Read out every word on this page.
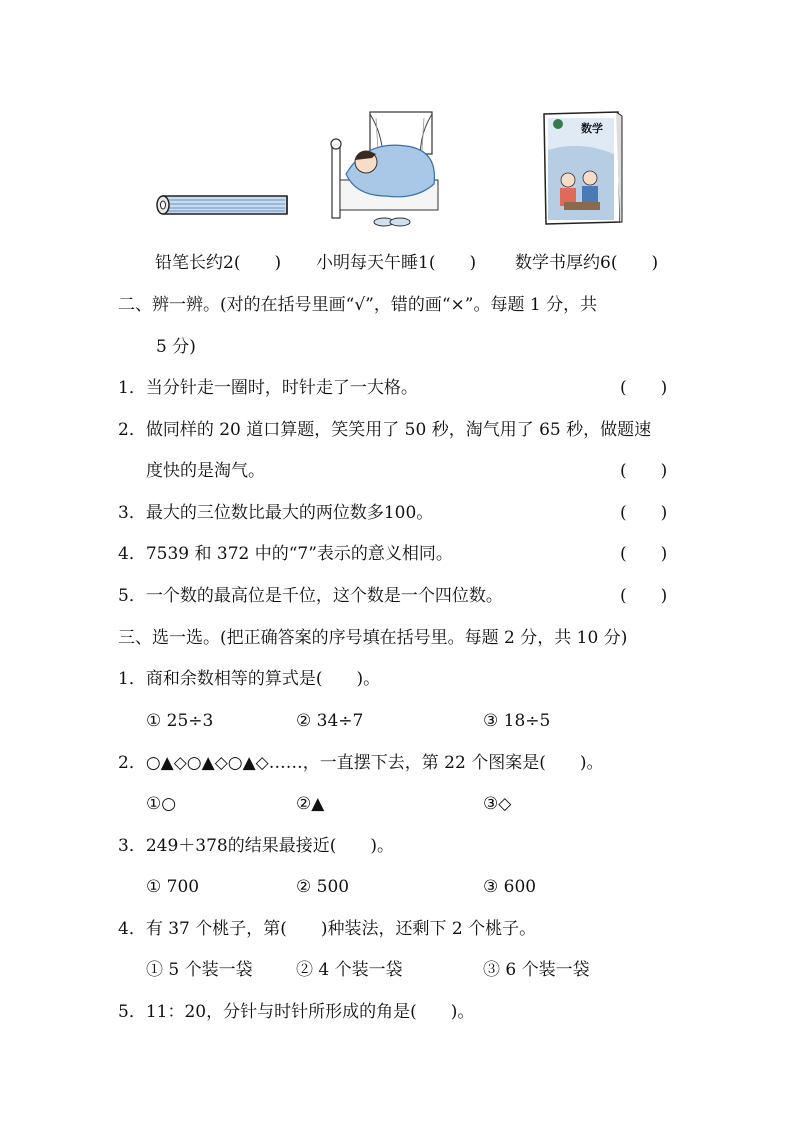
数学
铅笔长约2(　　) 小明每天午睡1(　　) 数学书厚约6(　　)
二、辨一辨。(对的在括号里画“√”，错的画“×”。每题 1 分，共
5 分)
1．当分针走一圈时，时针走了一大格。	(　　)
2．做同样的 20 道口算题，笑笑用了 50 秒，淘气用了 65 秒，做题速
度快的是淘气。	(　　)
3．最大的三位数比最大的两位数多100。	(　　)
4．7539 和 372 中的“7”表示的意义相同。	(　　)
5．一个数的最高位是千位，这个数是一个四位数。	(　　)
三、选一选。(把正确答案的序号填在括号里。每题 2 分，共 10 分)
1．商和余数相等的算式是(　　)。
① 25÷3	② 34÷7	③ 18÷5
2．○▲◇○▲◇○▲◇……，一直摆下去，第 22 个图案是(　　)。
①○	②▲	③◇
3．249＋378的结果最接近(　　)。
① 700	② 500	③ 600
4．有 37 个桃子，第(　　)种装法，还剩下 2 个桃子。
① 5 个装一袋	② 4 个装一袋	③ 6 个装一袋
5．11：20，分针与时针所形成的角是(　　)。
